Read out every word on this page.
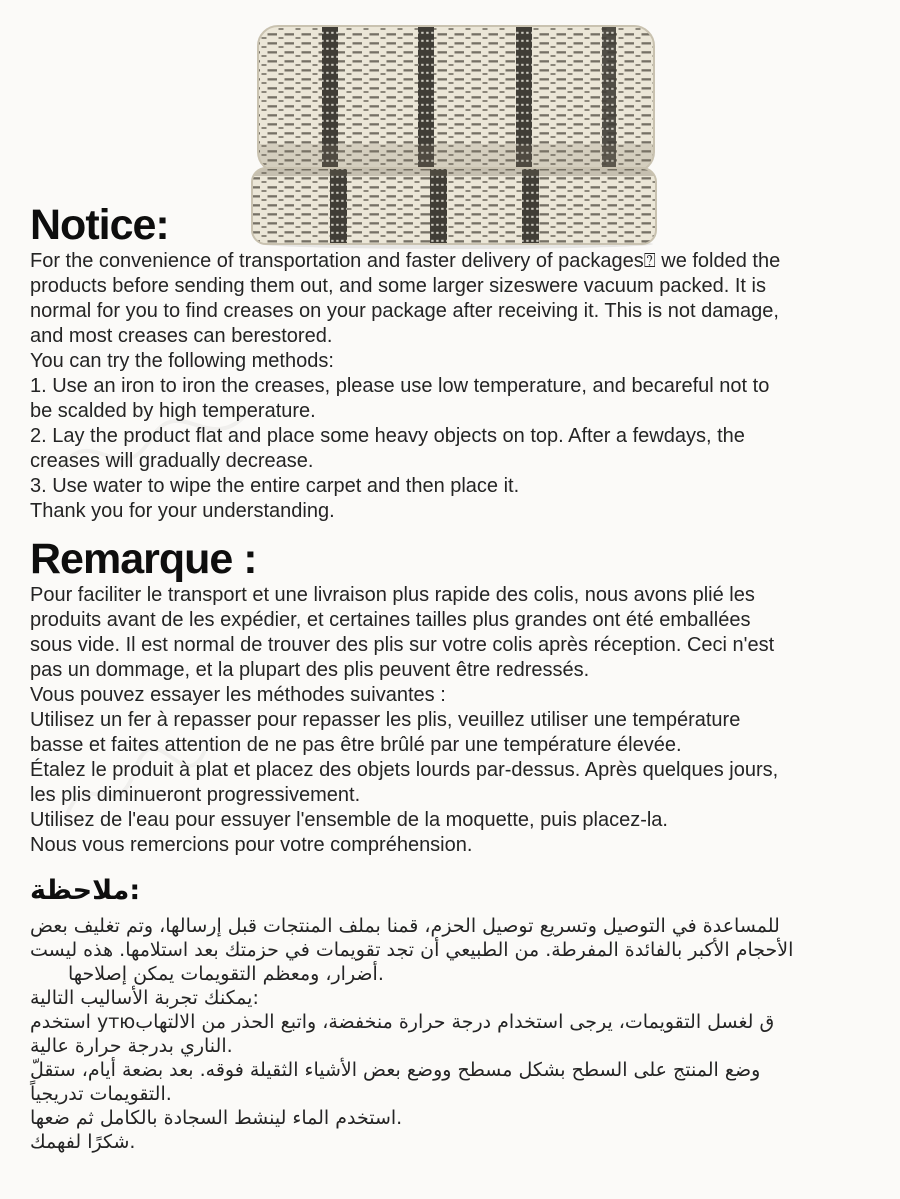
Notice:
For the convenience of transportation and faster delivery of packages⍰ we folded the
products before sending them out, and some larger sizeswere vacuum packed. It is
normal for you to find creases on your package after receiving it. This is not damage,
and most creases can berestored.
You can try the following methods:
1. Use an iron to iron the creases, please use low temperature, and becareful not to
be scalded by high temperature.
2. Lay the product flat and place some heavy objects on top. After a fewdays, the
creases will gradually decrease.
3. Use water to wipe the entire carpet and then place it.
Thank you for your understanding.
Remarque :
Pour faciliter le transport et une livraison plus rapide des colis, nous avons plié les
produits avant de les expédier, et certaines tailles plus grandes ont été emballées
sous vide. Il est normal de trouver des plis sur votre colis après réception. Ceci n'est
pas un dommage, et la plupart des plis peuvent être redressés.
Vous pouvez essayer les méthodes suivantes :
Utilisez un fer à repasser pour repasser les plis, veuillez utiliser une température
basse et faites attention de ne pas être brûlé par une température élevée.
Étalez le produit à plat et placez des objets lourds par-dessus. Après quelques jours,
les plis diminueront progressivement.
Utilisez de l'eau pour essuyer l'ensemble de la moquette, puis placez-la.
Nous vous remercions pour votre compréhension.
:ملاحظة
للمساعدة في التوصيل وتسريع توصيل الحزم، قمنا بملف المنتجات قبل إرسالها، وتم تغليف بعض
الأحجام الأكبر بالفائدة المفرطة. من الطبيعي أن تجد تقويمات في حزمتك بعد استلامها. هذه ليست
.أضرار، ومعظم التقويمات يمكن إصلاحها
:يمكنك تجربة الأساليب التالية
ق لغسل التقويمات، يرجى استخدام درجة حرارة منخفضة، واتبع الحذر من الالتهابутю استخدم
.الناري بدرجة حرارة عالية
وضع المنتج على السطح بشكل مسطح ووضع بعض الأشياء الثقيلة فوقه. بعد بضعة أيام، ستقلّ
.التقويمات تدريجياً
.استخدم الماء لينشط السجادة بالكامل ثم ضعها
.شكرًا لفهمك
